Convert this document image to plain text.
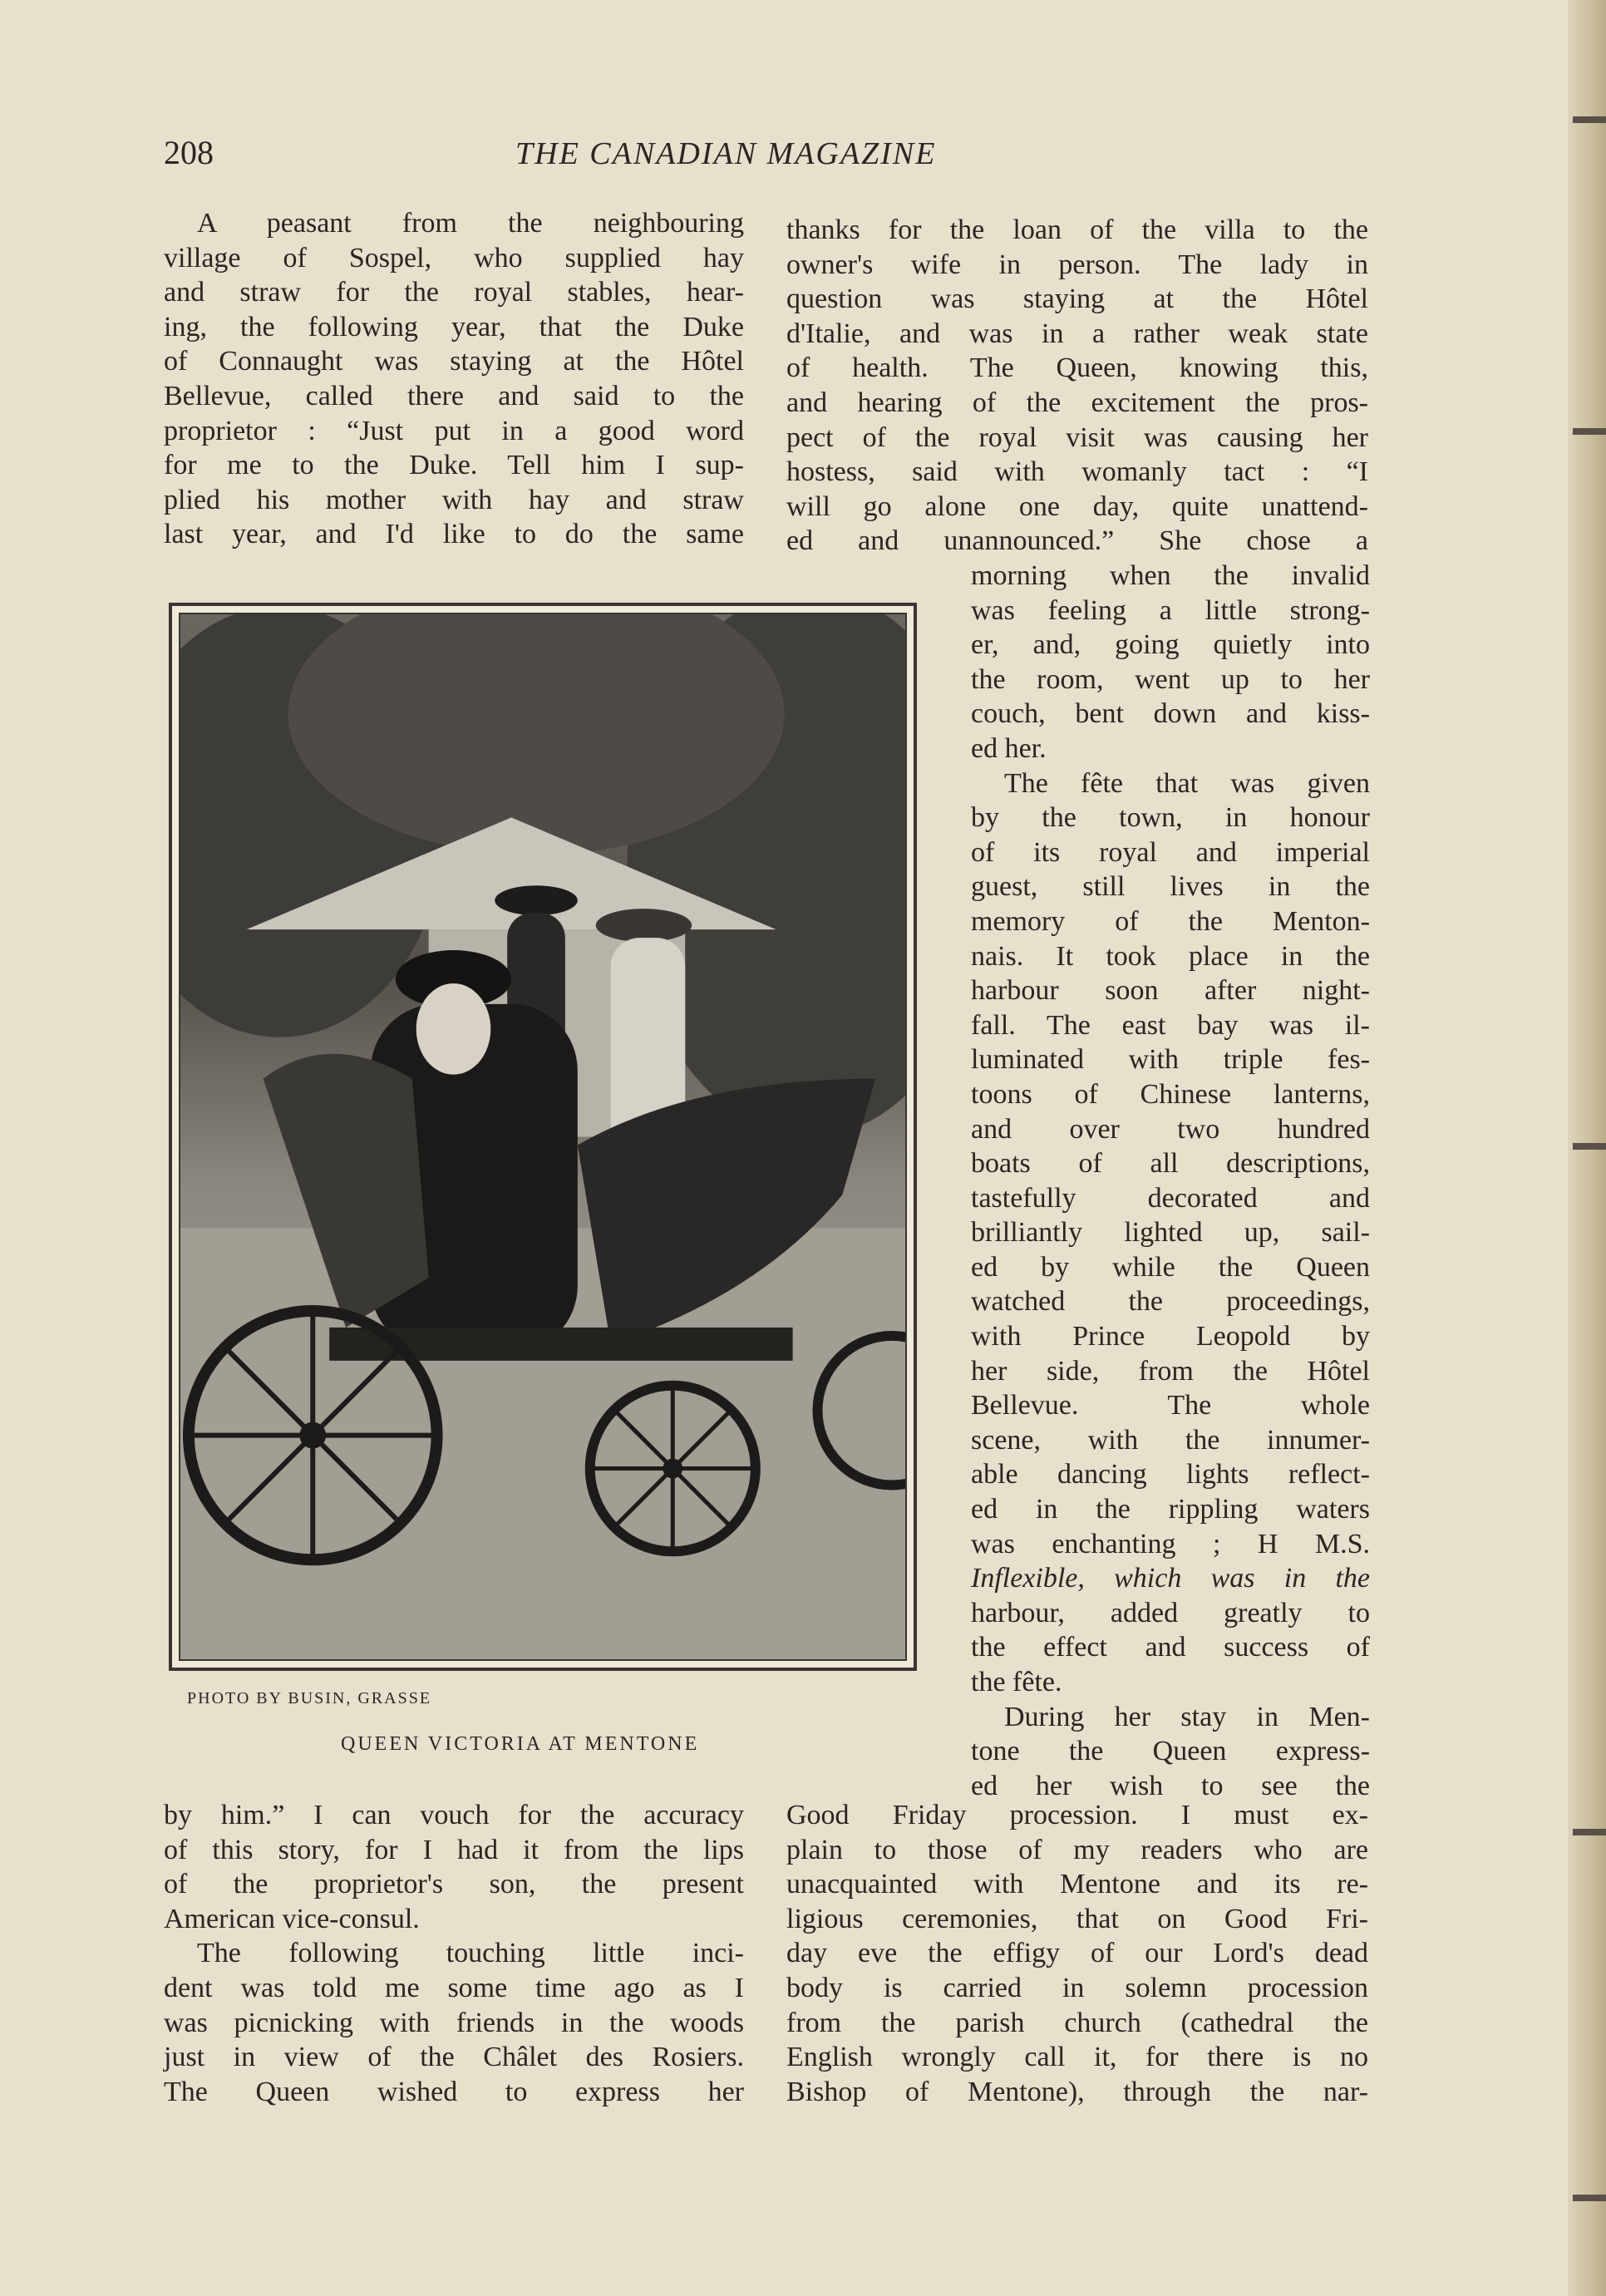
208	THE CANADIAN MAGAZINE
A peasant from the neighbouring
village of Sospel, who supplied hay
and straw for the royal stables, hear-
ing, the following year, that the Duke
of Connaught was staying at the Hôtel
Bellevue, called there and said to the
proprietor : “Just put in a good word
for me to the Duke. Tell him I sup-
plied his mother with hay and straw
last year, and I'd like to do the same
PHOTO BY BUSIN, GRASSE
QUEEN VICTORIA AT MENTONE
by him.” I can vouch for the accuracy
of this story, for I had it from the lips
of the proprietor's son, the present
American vice-consul.
The following touching little inci-
dent was told me some time ago as I
was picnicking with friends in the woods
just in view of the Châlet des Rosiers.
The Queen wished to express her
thanks for the loan of the villa to the
owner's wife in person. The lady in
question was staying at the Hôtel
d'Italie, and was in a rather weak state
of health. The Queen, knowing this,
and hearing of the excitement the pros-
pect of the royal visit was causing her
hostess, said with womanly tact : “I
will go alone one day, quite unattend-
ed and unannounced.” She chose a
morning when the invalid
was feeling a little strong-
er, and, going quietly into
the room, went up to her
couch, bent down and kiss-
ed her.
The fête that was given
by the town, in honour
of its royal and imperial
guest, still lives in the
memory of the Menton-
nais. It took place in the
harbour soon after night-
fall. The east bay was il-
luminated with triple fes-
toons of Chinese lanterns,
and over two hundred
boats of all descriptions,
tastefully decorated and
brilliantly lighted up, sail-
ed by while the Queen
watched the proceedings,
with Prince Leopold by
her side, from the Hôtel
Bellevue. The whole
scene, with the innumer-
able dancing lights reflect-
ed in the rippling waters
was enchanting ; H M.S.
Inflexible, which was in the
harbour, added greatly to
the effect and success of
the fête.
During her stay in Men-
tone the Queen express-
ed her wish to see the
Good Friday procession. I must ex-
plain to those of my readers who are
unacquainted with Mentone and its re-
ligious ceremonies, that on Good Fri-
day eve the effigy of our Lord's dead
body is carried in solemn procession
from the parish church (cathedral the
English wrongly call it, for there is no
Bishop of Mentone), through the nar-
